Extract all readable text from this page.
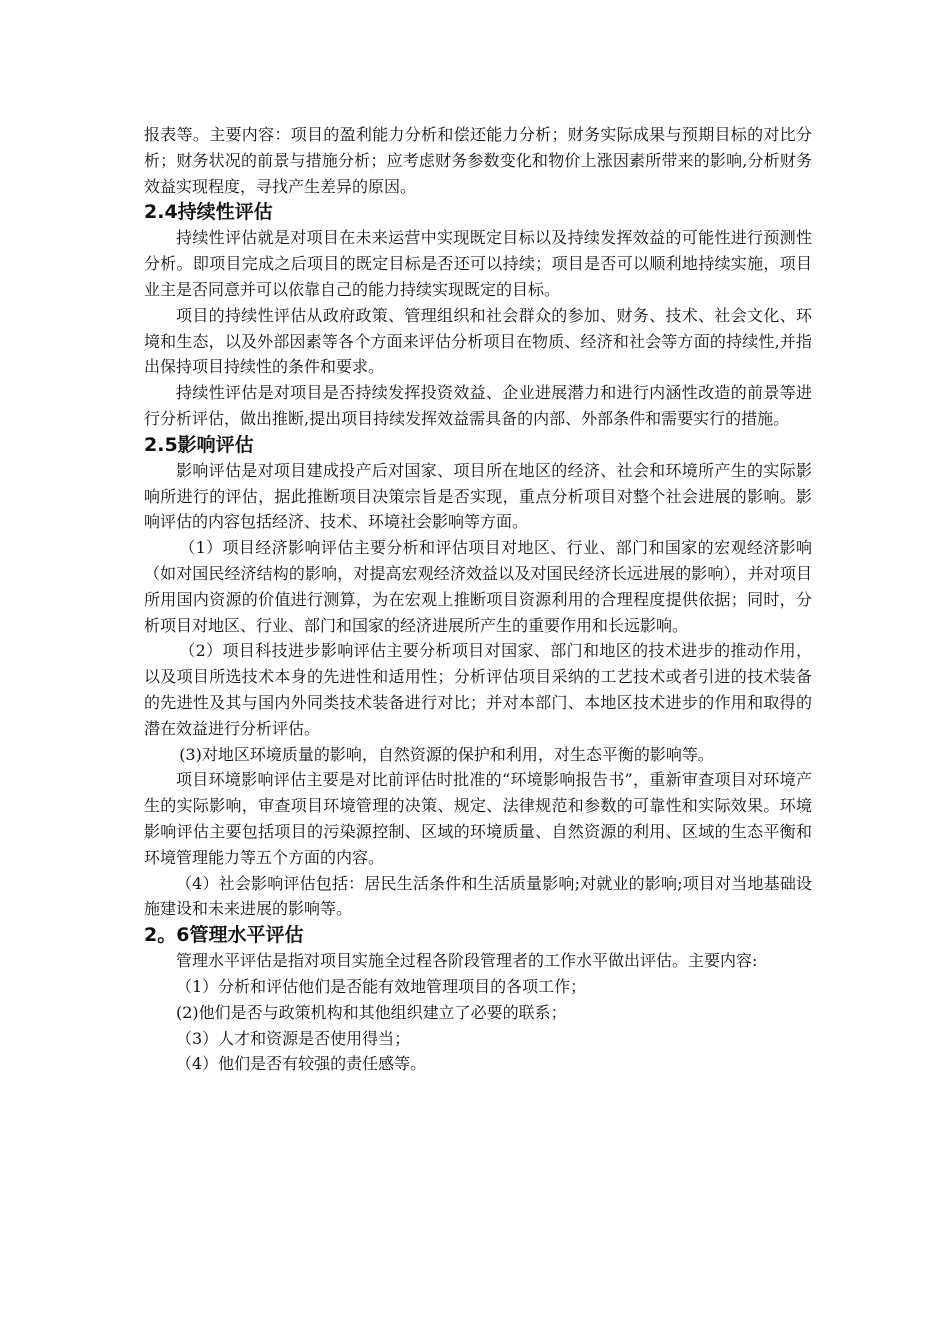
报表等。主要内容：项目的盈利能力分析和偿还能力分析；财务实际成果与预期目标的对比分析；财务状况的前景与措施分析；应考虑财务参数变化和物价上涨因素所带来的影响,分析财务效益实现程度，寻找产生差异的原因。

2.4持续性评估

持续性评估就是对项目在未来运营中实现既定目标以及持续发挥效益的可能性进行预测性分析。即项目完成之后项目的既定目标是否还可以持续；项目是否可以顺利地持续实施，项目业主是否同意并可以依靠自己的能力持续实现既定的目标。

项目的持续性评估从政府政策、管理组织和社会群众的参加、财务、技术、社会文化、环境和生态，以及外部因素等各个方面来评估分析项目在物质、经济和社会等方面的持续性,并指出保持项目持续性的条件和要求。

持续性评估是对项目是否持续发挥投资效益、企业进展潜力和进行内涵性改造的前景等进行分析评估，做出推断,提出项目持续发挥效益需具备的内部、外部条件和需要实行的措施。

2.5影响评估

影响评估是对项目建成投产后对国家、项目所在地区的经济、社会和环境所产生的实际影响所进行的评估，据此推断项目决策宗旨是否实现，重点分析项目对整个社会进展的影响。影响评估的内容包括经济、技术、环境社会影响等方面。

（1）项目经济影响评估主要分析和评估项目对地区、行业、部门和国家的宏观经济影响（如对国民经济结构的影响，对提高宏观经济效益以及对国民经济长远进展的影响），并对项目所用国内资源的价值进行测算，为在宏观上推断项目资源利用的合理程度提供依据；同时，分析项目对地区、行业、部门和国家的经济进展所产生的重要作用和长远影响。

（2）项目科技进步影响评估主要分析项目对国家、部门和地区的技术进步的推动作用，以及项目所选技术本身的先进性和适用性；分析评估项目采纳的工艺技术或者引进的技术装备的先进性及其与国内外同类技术装备进行对比；并对本部门、本地区技术进步的作用和取得的潜在效益进行分析评估。

(3)对地区环境质量的影响，自然资源的保护和利用，对生态平衡的影响等。

项目环境影响评估主要是对比前评估时批准的“环境影响报告书”，重新审查项目对环境产生的实际影响，审查项目环境管理的决策、规定、法律规范和参数的可靠性和实际效果。环境影响评估主要包括项目的污染源控制、区域的环境质量、自然资源的利用、区域的生态平衡和环境管理能力等五个方面的内容。

（4）社会影响评估包括：居民生活条件和生活质量影响;对就业的影响;项目对当地基础设施建设和未来进展的影响等。

2。6管理水平评估

管理水平评估是指对项目实施全过程各阶段管理者的工作水平做出评估。主要内容:

（1）分析和评估他们是否能有效地管理项目的各项工作；

(2)他们是否与政策机构和其他组织建立了必要的联系；

（3）人才和资源是否使用得当；

（4）他们是否有较强的责任感等。
